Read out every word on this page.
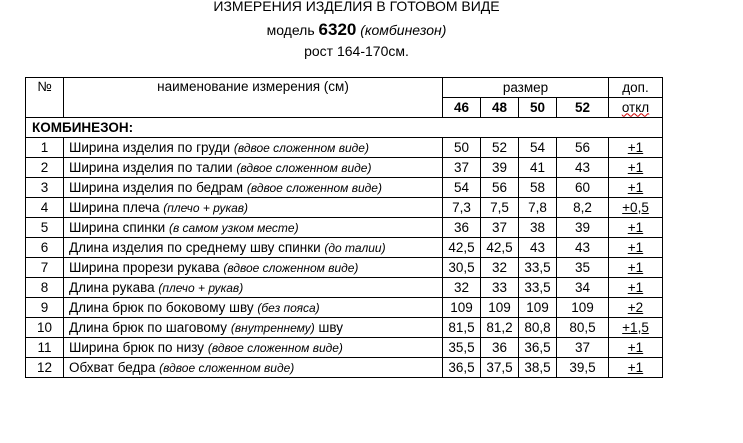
ИЗМЕРЕНИЯ ИЗДЕЛИЯ В ГОТОВОМ ВИДЕ
модель 6320 (комбинезон)
рост 164-170см.
№	наименование измерения (см)	размер				доп.
		46	48	50	52	откл
КОМБИНЕЗОН:						
1	Ширина изделия по груди (вдвое сложенном виде)	50	52	54	56	+1
2	Ширина изделия по талии (вдвое сложенном виде)	37	39	41	43	+1
3	Ширина изделия по бедрам (вдвое сложенном виде)	54	56	58	60	+1
4	Ширина плеча (плечо + рукав)	7,3	7,5	7,8	8,2	+0,5
5	Ширина спинки (в самом узком месте)	36	37	38	39	+1
6	Длина изделия по среднему шву спинки (до талии)	42,5	42,5	43	43	+1
7	Ширина прорези рукава (вдвое сложенном виде)	30,5	32	33,5	35	+1
8	Длина рукава (плечо + рукав)	32	33	33,5	34	+1
9	Длина брюк по боковому шву (без пояса)	109	109	109	109	+2
10	Длина брюк по шаговому (внутреннему) шву	81,5	81,2	80,8	80,5	+1,5
11	Ширина брюк по низу (вдвое сложенном виде)	35,5	36	36,5	37	+1
12	Обхват бедра (вдвое сложенном виде)	36,5	37,5	38,5	39,5	+1
